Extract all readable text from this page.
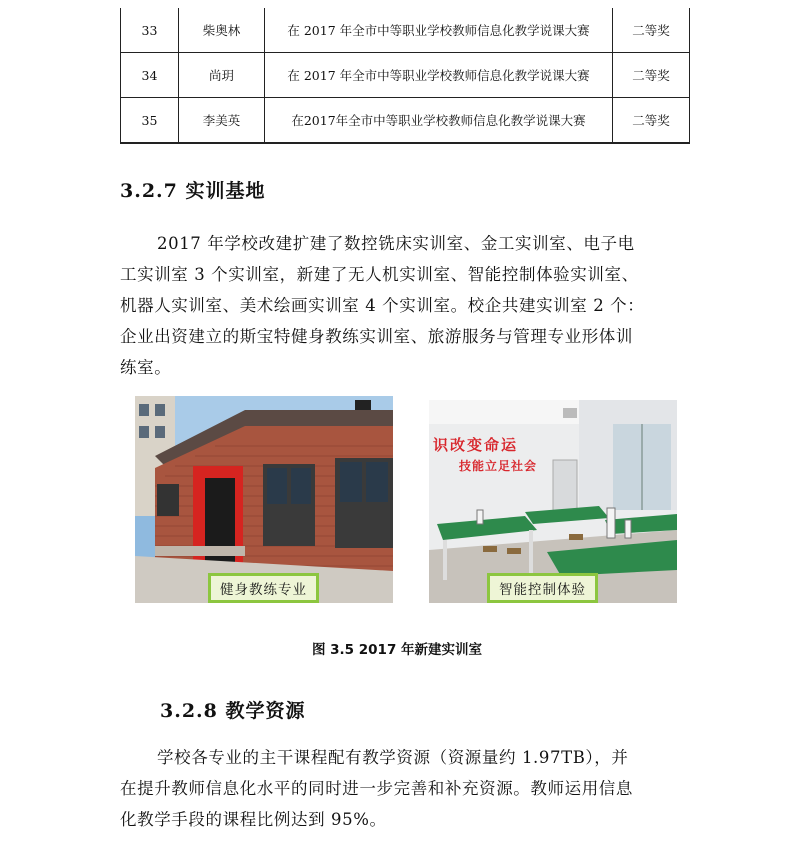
33	柴奥林	在 2017 年全市中等职业学校教师信息化教学说课大赛	二等奖
34	尚玥	在 2017 年全市中等职业学校教师信息化教学说课大赛	二等奖
35	李美英	在2017年全市中等职业学校教师信息化教学说课大赛	二等奖
3.2.7 实训基地

2017 年学校改建扩建了数控铣床实训室、金工实训室、电子电

工实训室 3 个实训室，新建了无人机实训室、智能控制体验实训室、

机器人实训室、美术绘画实训室 4 个实训室。校企共建实训室 2 个：

企业出资建立的斯宝特健身教练实训室、旅游服务与管理专业形体训

练室。

健身教练专业
识改变命运
技能立足社会
智能控制体验
图 3.5 2017 年新建实训室
3.2.8 教学资源

学校各专业的主干课程配有教学资源（资源量约 1.97TB），并

在提升教师信息化水平的同时进一步完善和补充资源。教师运用信息

化教学手段的课程比例达到 95%。
